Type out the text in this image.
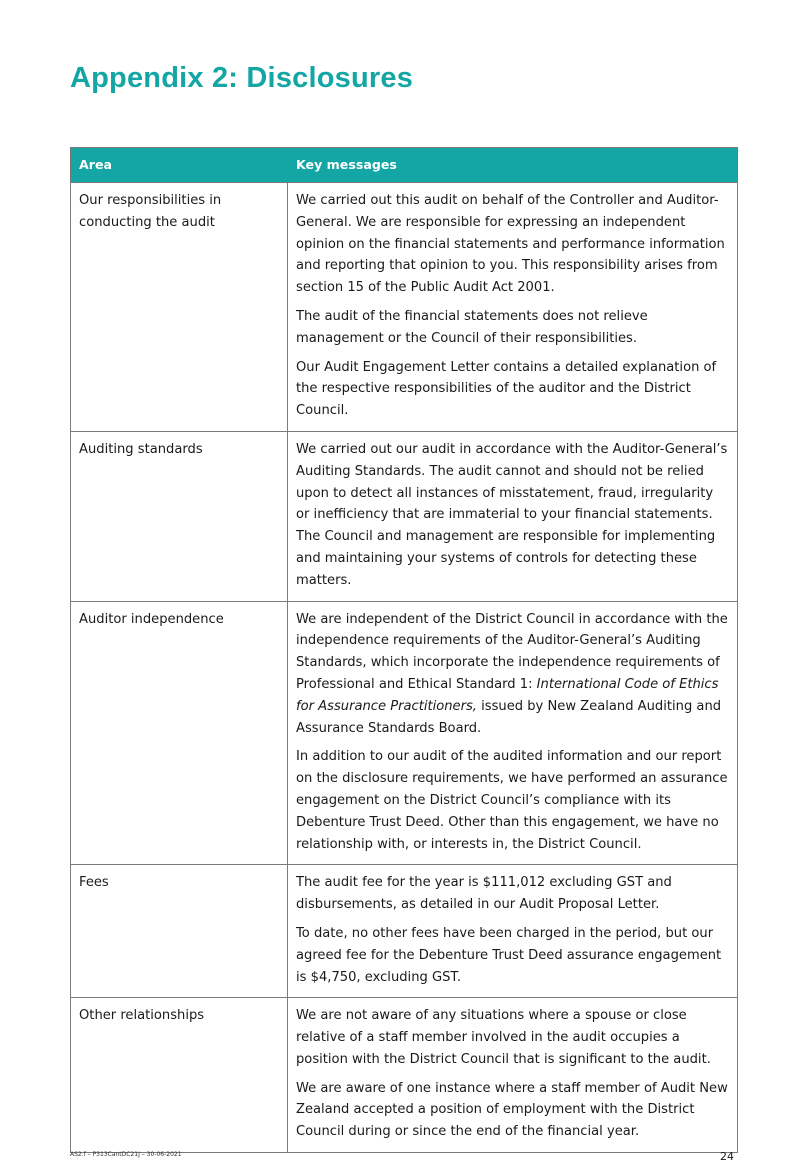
Appendix 2: Disclosures
Area	Key messages
Our responsibilities in conducting the audit	We carried out this audit on behalf of the Controller and Auditor-General. We are responsible for expressing an independent opinion on the financial statements and performance information and reporting that opinion to you. This responsibility arises from section 15 of the Public Audit Act 2001.

The audit of the financial statements does not relieve management or the Council of their responsibilities.

Our Audit Engagement Letter contains a detailed explanation of the respective responsibilities of the auditor and the District Council.

Auditing standards	We carried out our audit in accordance with the Auditor-General’s Auditing Standards. The audit cannot and should not be relied upon to detect all instances of misstatement, fraud, irregularity or inefficiency that are immaterial to your financial statements. The Council and management are responsible for implementing and maintaining your systems of controls for detecting these matters.

Auditor independence	We are independent of the District Council in accordance with the independence requirements of the Auditor-General’s Auditing Standards, which incorporate the independence requirements of Professional and Ethical Standard 1: International Code of Ethics for Assurance Practitioners, issued by New Zealand Auditing and Assurance Standards Board.

In addition to our audit of the audited information and our report on the disclosure requirements, we have performed an assurance engagement on the District Council’s compliance with its Debenture Trust Deed. Other than this engagement, we have no relationship with, or interests in, the District Council.

Fees	The audit fee for the year is $111,012 excluding GST and disbursements, as detailed in our Audit Proposal Letter.

To date, no other fees have been charged in the period, but our agreed fee for the Debenture Trust Deed assurance engagement is $4,750, excluding GST.

Other relationships	We are not aware of any situations where a spouse or close relative of a staff member involved in the audit occupies a position with the District Council that is significant to the audit.

We are aware of one instance where a staff member of Audit New Zealand accepted a position of employment with the District Council during or since the end of the financial year.

AS2.f – P313CantDC21J – 30-06-2021	24
